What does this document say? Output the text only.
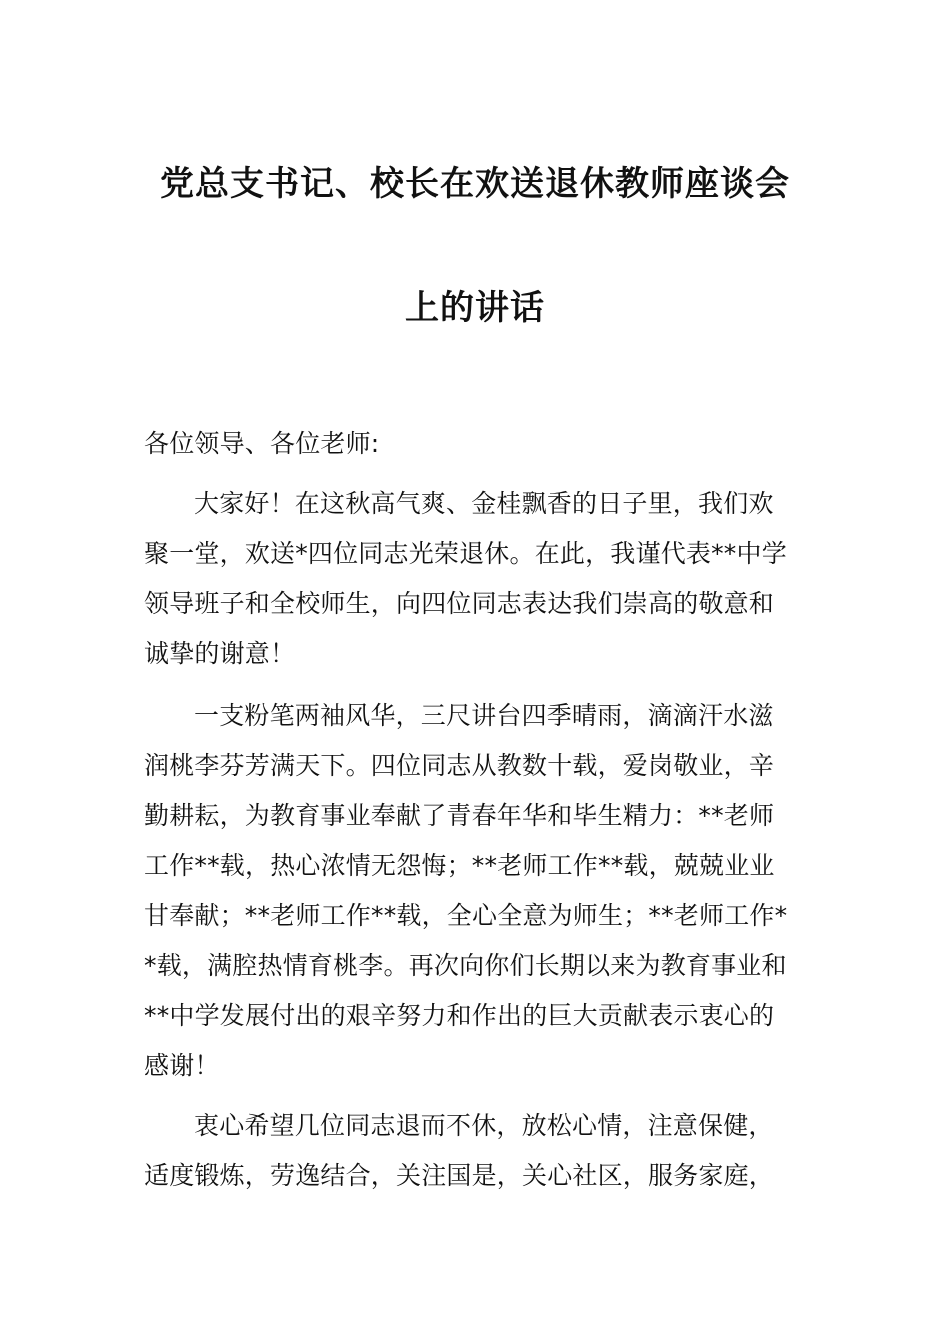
党总支书记、校长在欢送退休教师座谈会
上的讲话
各位领导、各位老师:
大家好！在这秋高气爽、金桂飘香的日子里，我们欢
聚一堂，欢送*四位同志光荣退休。在此，我谨代表**中学
领导班子和全校师生，向四位同志表达我们崇高的敬意和
诚挚的谢意！
一支粉笔两袖风华，三尺讲台四季晴雨，滴滴汗水滋
润桃李芬芳满天下。四位同志从教数十载，爱岗敬业，辛
勤耕耘，为教育事业奉献了青春年华和毕生精力：**老师
工作**载，热心浓情无怨悔；**老师工作**载，兢兢业业
甘奉献；**老师工作**载，全心全意为师生；**老师工作*
*载，满腔热情育桃李。再次向你们长期以来为教育事业和
**中学发展付出的艰辛努力和作出的巨大贡献表示衷心的
感谢！
衷心希望几位同志退而不休，放松心情，注意保健，
适度锻炼，劳逸结合，关注国是，关心社区，服务家庭，
